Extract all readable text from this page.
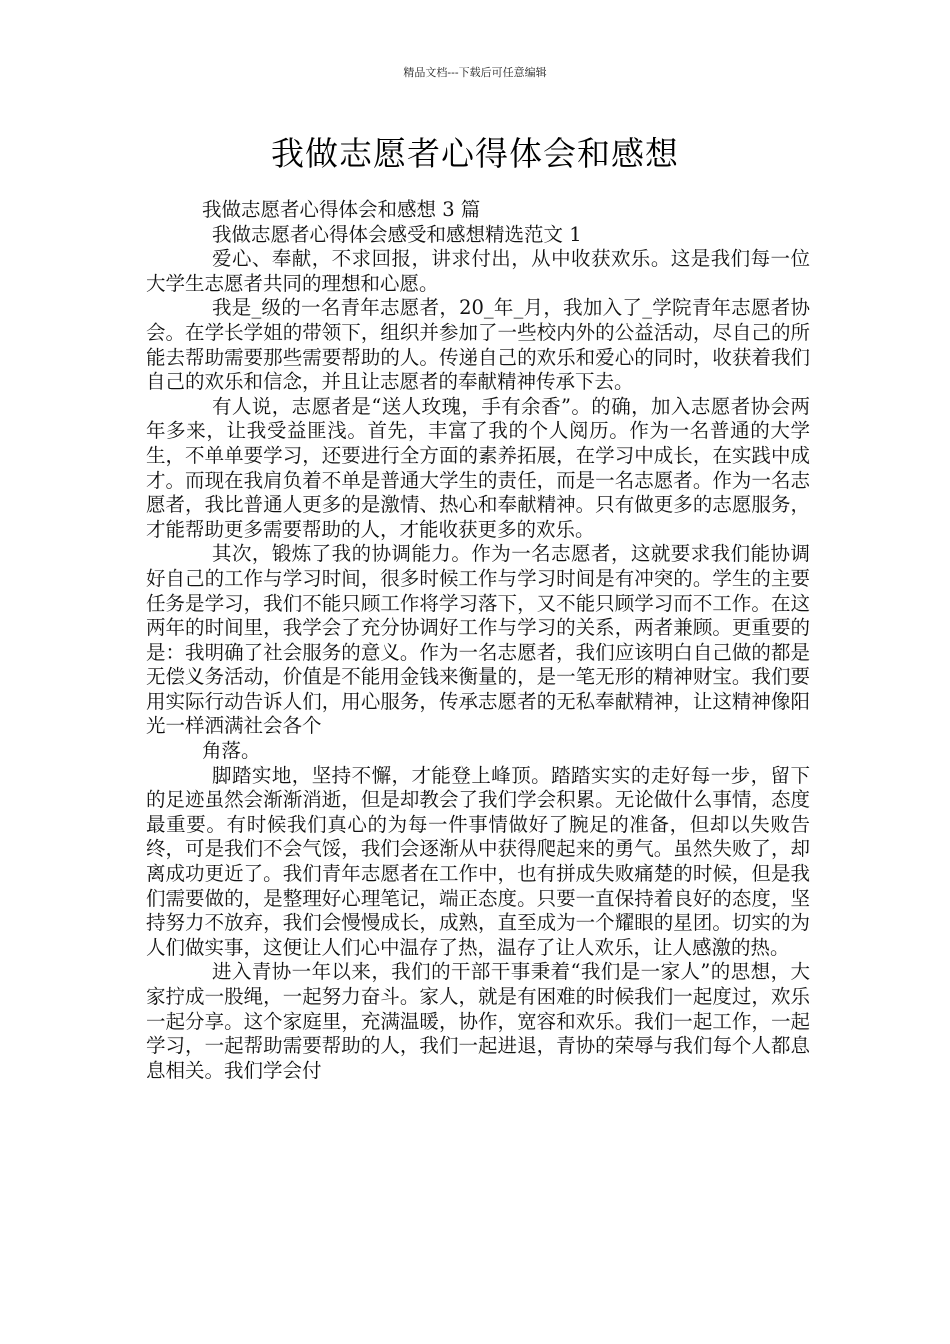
精品文档---下载后可任意编辑
我做志愿者心得体会和感想
我做志愿者心得体会和感想 3 篇
我做志愿者心得体会感受和感想精选范文 1

爱心、奉献，不求回报，讲求付出，从中收获欢乐。这是我们每一位大学生志愿者共同的理想和心愿。

我是_级的一名青年志愿者，20_年_月，我加入了_学院青年志愿者协会。在学长学姐的带领下，组织并参加了一些校内外的公益活动，尽自己的所能去帮助需要那些需要帮助的人。传递自己的欢乐和爱心的同时，收获着我们自己的欢乐和信念，并且让志愿者的奉献精神传承下去。

有人说，志愿者是“送人玫瑰，手有余香”。的确，加入志愿者协会两年多来，让我受益匪浅。首先，丰富了我的个人阅历。作为一名普通的大学生，不单单要学习，还要进行全方面的素养拓展，在学习中成长，在实践中成才。而现在我肩负着不单是普通大学生的责任，而是一名志愿者。作为一名志愿者，我比普通人更多的是激情、热心和奉献精神。只有做更多的志愿服务，才能帮助更多需要帮助的人，才能收获更多的欢乐。

其次，锻炼了我的协调能力。作为一名志愿者，这就要求我们能协调好自己的工作与学习时间，很多时候工作与学习时间是有冲突的。学生的主要任务是学习，我们不能只顾工作将学习落下，又不能只顾学习而不工作。在这两年的时间里，我学会了充分协调好工作与学习的关系，两者兼顾。更重要的是：我明确了社会服务的意义。作为一名志愿者，我们应该明白自己做的都是无偿义务活动，价值是不能用金钱来衡量的，是一笔无形的精神财宝。我们要用实际行动告诉人们，用心服务，传承志愿者的无私奉献精神，让这精神像阳光一样洒满社会各个

角落。

脚踏实地，坚持不懈，才能登上峰顶。踏踏实实的走好每一步，留下的足迹虽然会渐渐消逝，但是却教会了我们学会积累。无论做什么事情，态度最重要。有时候我们真心的为每一件事情做好了腕足的准备，但却以失败告终，可是我们不会气馁，我们会逐渐从中获得爬起来的勇气。虽然失败了，却离成功更近了。我们青年志愿者在工作中，也有拼成失败痛楚的时候，但是我们需要做的，是整理好心理笔记，端正态度。只要一直保持着良好的态度，坚持努力不放弃，我们会慢慢成长，成熟，直至成为一个耀眼的星团。切实的为人们做实事，这便让人们心中温存了热，温存了让人欢乐，让人感激的热。

进入青协一年以来，我们的干部干事秉着“我们是一家人”的思想，大家拧成一股绳，一起努力奋斗。家人，就是有困难的时候我们一起度过，欢乐一起分享。这个家庭里，充满温暖，协作，宽容和欢乐。我们一起工作，一起学习，一起帮助需要帮助的人，我们一起进退，青协的荣辱与我们每个人都息息相关。我们学会付
